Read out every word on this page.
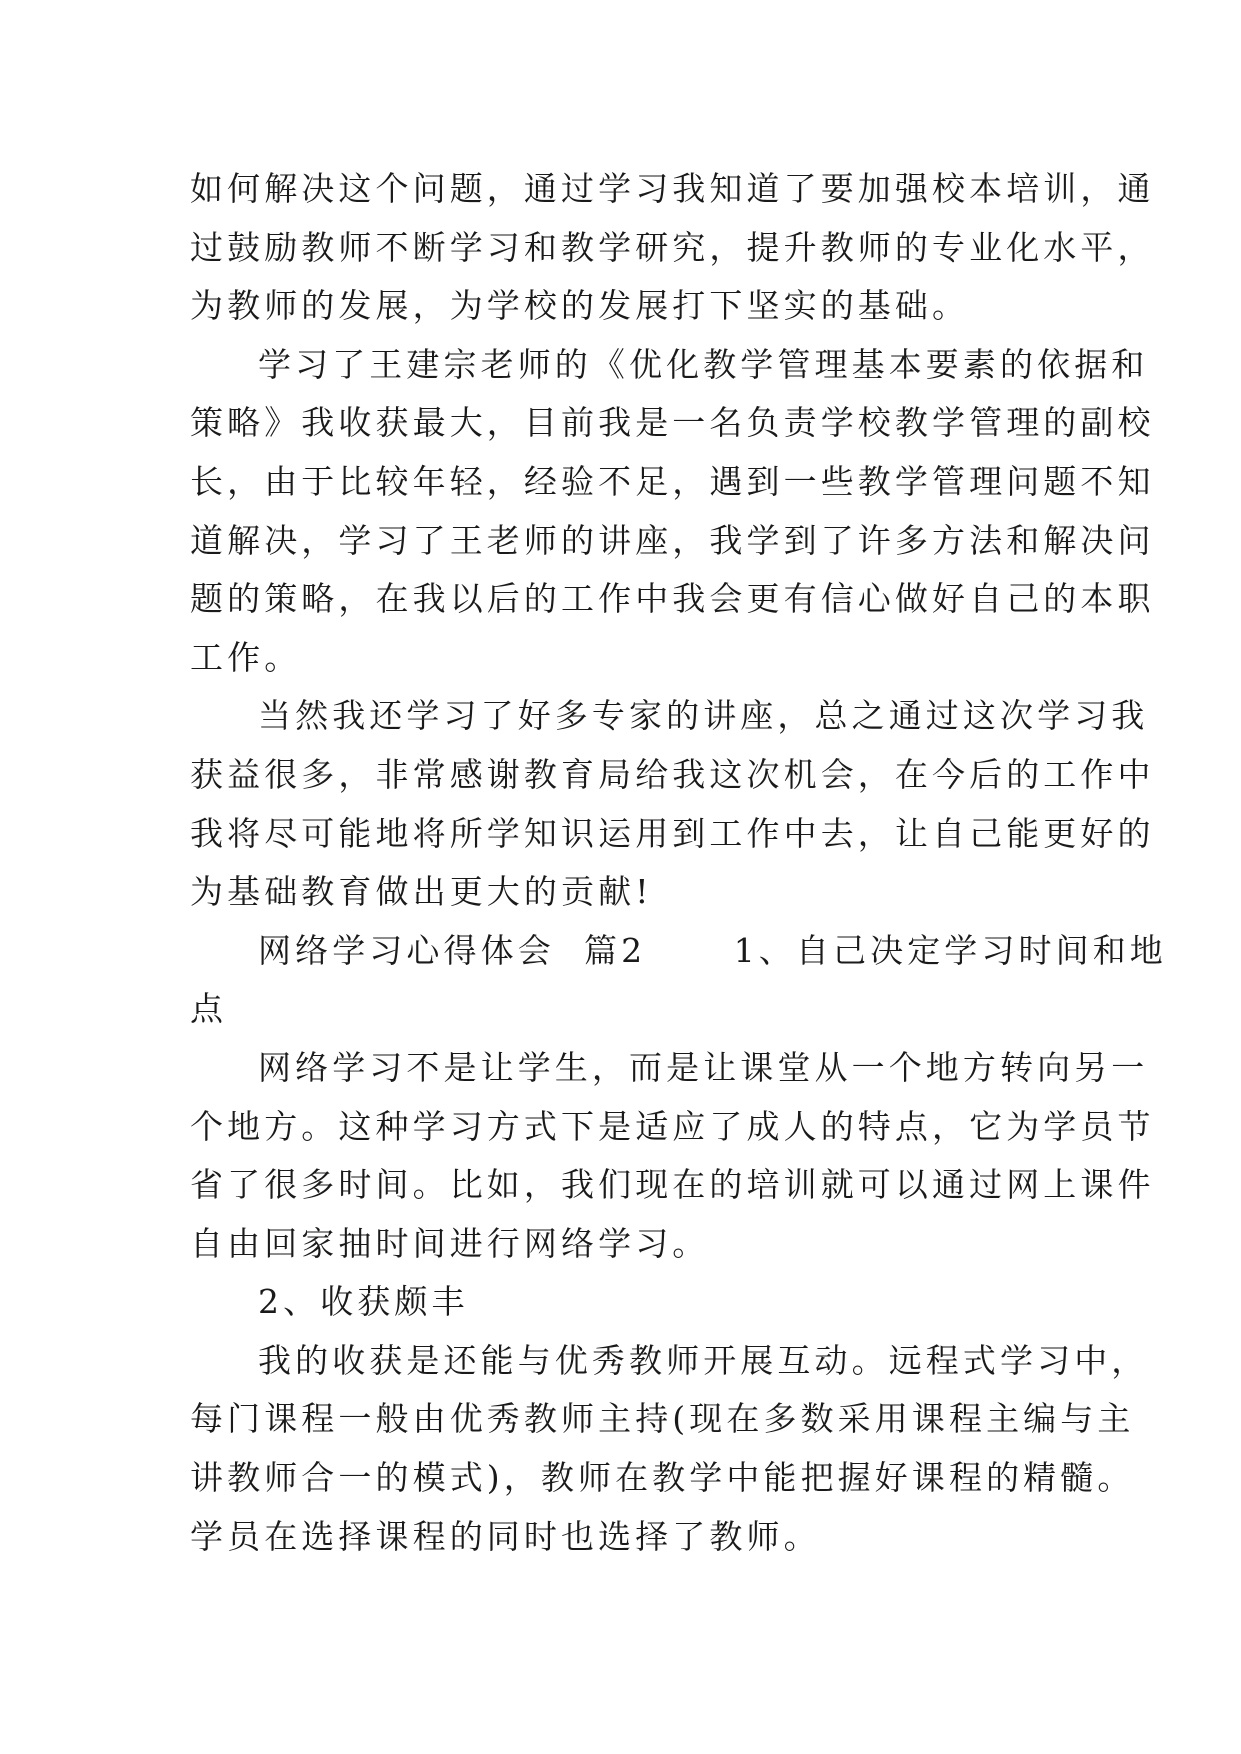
如何解决这个问题，通过学习我知道了要加强校本培训，通
过鼓励教师不断学习和教学研究，提升教师的专业化水平，
为教师的发展，为学校的发展打下坚实的基础。
学习了王建宗老师的《优化教学管理基本要素的依据和
策略》我收获最大，目前我是一名负责学校教学管理的副校
长，由于比较年轻，经验不足，遇到一些教学管理问题不知
道解决，学习了王老师的讲座，我学到了许多方法和解决问
题的策略，在我以后的工作中我会更有信心做好自己的本职
工作。
当然我还学习了好多专家的讲座，总之通过这次学习我
获益很多，非常感谢教育局给我这次机会，在今后的工作中
我将尽可能地将所学知识运用到工作中去，让自己能更好的
为基础教育做出更大的贡献!
网络学习心得体会  篇2      1、自己决定学习时间和地
点
网络学习不是让学生，而是让课堂从一个地方转向另一
个地方。这种学习方式下是适应了成人的特点，它为学员节
省了很多时间。比如，我们现在的培训就可以通过网上课件
自由回家抽时间进行网络学习。
2、收获颇丰
我的收获是还能与优秀教师开展互动。远程式学习中，
每门课程一般由优秀教师主持(现在多数采用课程主编与主
讲教师合一的模式)，教师在教学中能把握好课程的精髓。
学员在选择课程的同时也选择了教师。
